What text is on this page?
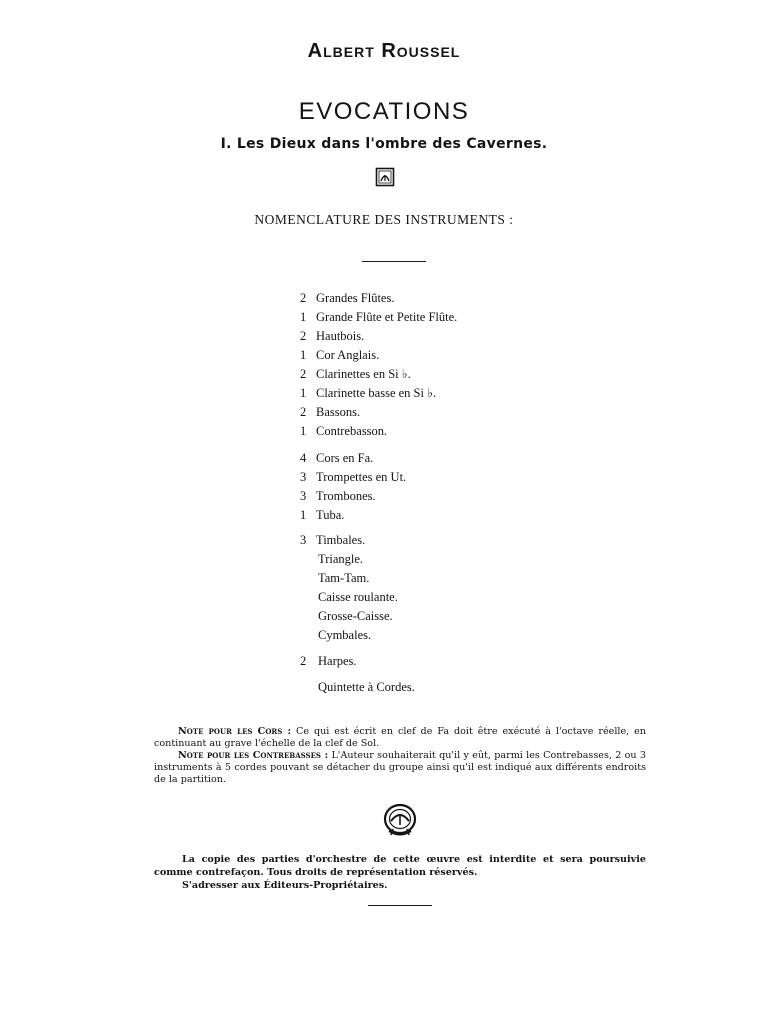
Albert Roussel
EVOCATIONS
I. Les Dieux dans l'ombre des Cavernes.
NOMENCLATURE DES INSTRUMENTS :
2 Grandes Flûtes.
1 Grande Flûte et Petite Flûte.
2 Hautbois.
1 Cor Anglais.
2 Clarinettes en Si ♭.
1 Clarinette basse en Si ♭.
2 Bassons.
1 Contrebasson.
4 Cors en Fa.
3 Trompettes en Ut.
3 Trombones.
1 Tuba.
3 Timbales.
Triangle.
Tam-Tam.
Caisse roulante.
Grosse-Caisse.
Cymbales.
2 Harpes.
Quintette à Cordes.

Note pour les Cors : Ce qui est écrit en clef de Fa doit être exécuté à l'octave réelle, en continuant au grave l'échelle de la clef de Sol.

Note pour les Contrebasses : L'Auteur souhaiterait qu'il y eût, parmi les Contrebasses, 2 ou 3 instruments à 5 cordes pouvant se détacher du groupe ainsi qu'il est indiqué aux différents endroits de la partition.

La copie des parties d'orchestre de cette œuvre est interdite et sera poursuivie comme contrefaçon. Tous droits de représentation réservés.

S'adresser aux Éditeurs-Propriétaires.
